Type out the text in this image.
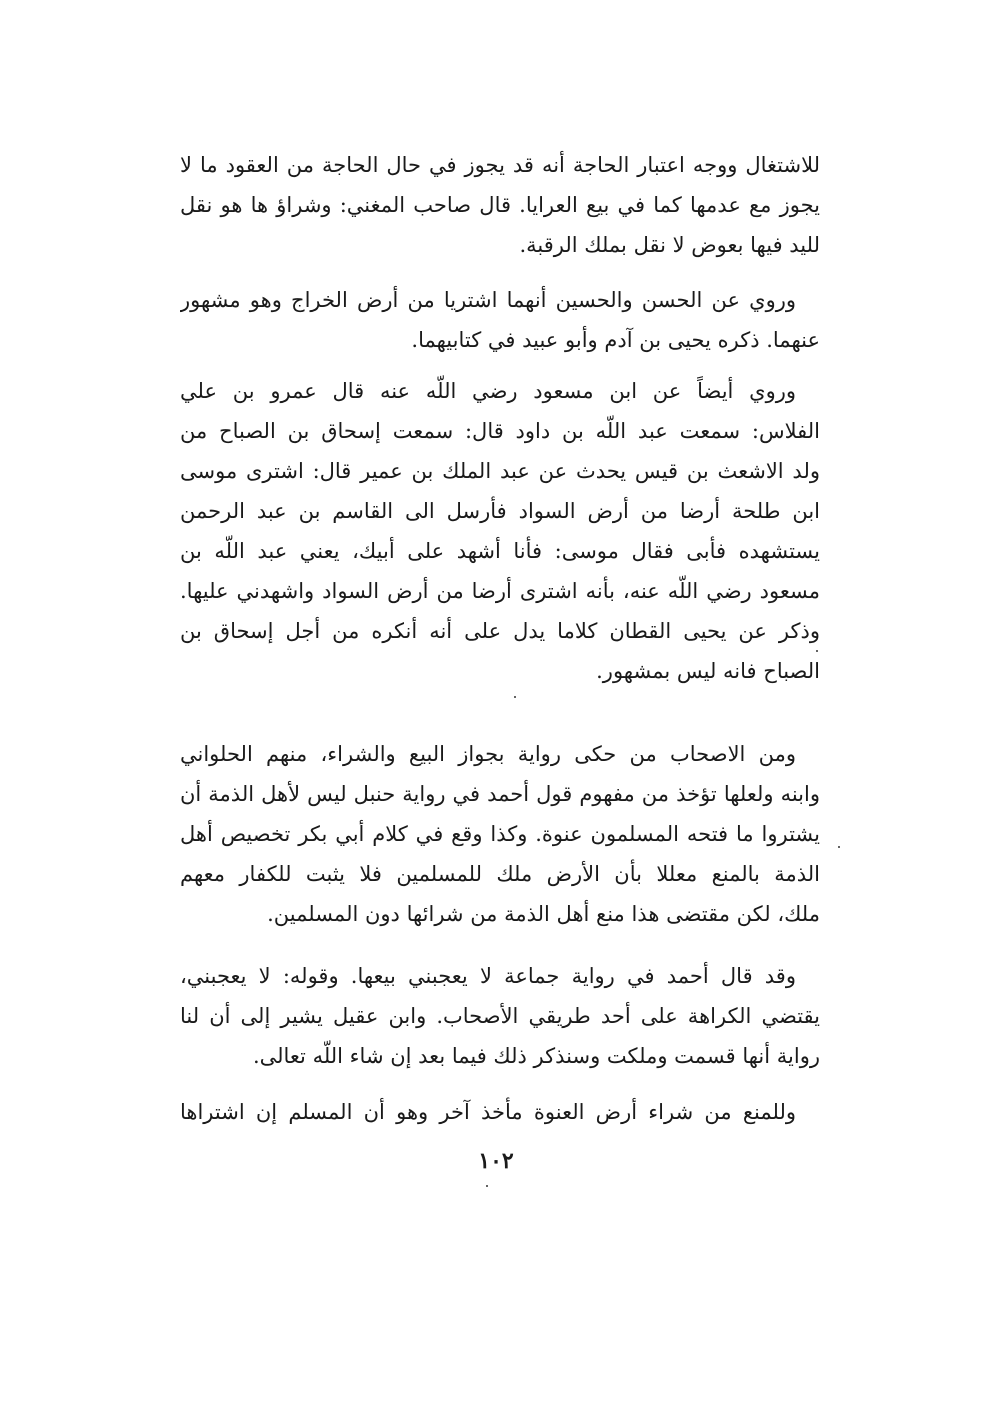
للاشتغال ووجه اعتبار الحاجة أنه قد يجوز في حال الحاجة من العقود ما لا
يجوز مع عدمها كما في بيع العرايا. قال صاحب المغني: وشراؤ ها هو نقل
لليد فيها بعوض لا نقل بملك الرقبة.
وروي عن الحسن والحسين أنهما اشتريا من أرض الخراج وهو مشهور
عنهما. ذكره يحيى بن آدم وأبو عبيد في كتابيهما.
وروي أيضاً عن ابن مسعود رضي اللّه عنه قال عمرو بن علي
الفلاس: سمعت عبد اللّه بن داود قال: سمعت إسحاق بن الصباح من
ولد الاشعث بن قيس يحدث عن عبد الملك بن عمير قال: اشترى موسى
ابن طلحة أرضا من أرض السواد فأرسل الى القاسم بن عبد الرحمن
يستشهده فأبى فقال موسى: فأنا أشهد على أبيك، يعني عبد اللّه بن
مسعود رضي اللّه عنه، بأنه اشترى أرضا من أرض السواد واشهدني عليها.
وذكر عن يحيى القطان كلاما يدل على أنه أنكره من أجل إسحاق بن
الصباح فانه ليس بمشهور.
ومن الاصحاب من حكى رواية بجواز البيع والشراء، منهم الحلواني
وابنه ولعلها تؤخذ من مفهوم قول أحمد في رواية حنبل ليس لأهل الذمة أن
يشتروا ما فتحه المسلمون عنوة. وكذا وقع في كلام أبي بكر تخصيص أهل
الذمة بالمنع معللا بأن الأرض ملك للمسلمين فلا يثبت للكفار معهم
ملك، لكن مقتضى هذا منع أهل الذمة من شرائها دون المسلمين.
وقد قال أحمد في رواية جماعة لا يعجبني بيعها. وقوله: لا يعجبني،
يقتضي الكراهة على أحد طريقي الأصحاب. وابن عقيل يشير إلى أن لنا
رواية أنها قسمت وملكت وسنذكر ذلك فيما بعد إن شاء اللّه تعالى.
وللمنع من شراء أرض العنوة مأخذ آخر وهو أن المسلم إن اشتراها
١٠٢
